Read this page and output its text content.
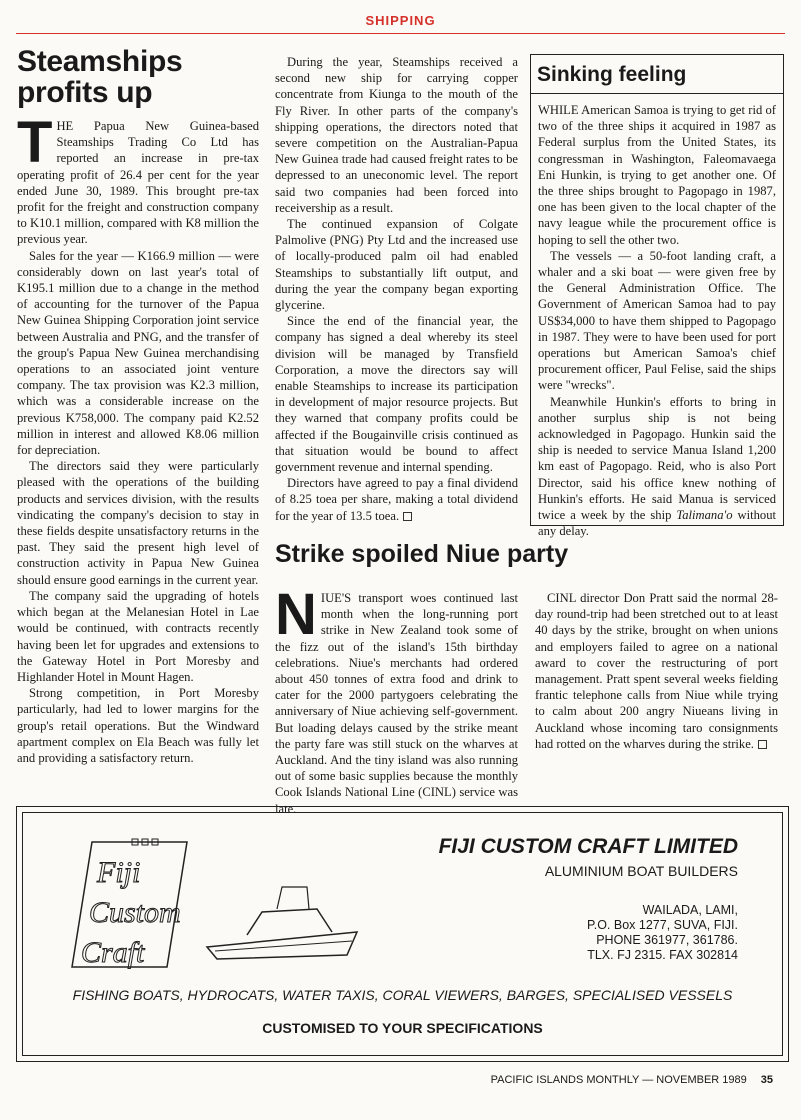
SHIPPING
Steamships profits up

THE Papua New Guinea-based Steamships Trading Co Ltd has reported an increase in pre-tax operating profit of 26.4 per cent for the year ended June 30, 1989. This brought pre-tax profit for the freight and construction company to K10.1 million, compared with K8 million the previous year.

Sales for the year — K166.9 million — were considerably down on last year's total of K195.1 million due to a change in the method of accounting for the turnover of the Papua New Guinea Shipping Corporation joint service between Australia and PNG, and the transfer of the group's Papua New Guinea merchandising operations to an associated joint venture company. The tax provision was K2.3 million, which was a considerable increase on the previous K758,000. The company paid K2.52 million in interest and allowed K8.06 million for depreciation.

The directors said they were particularly pleased with the operations of the building products and services division, with the results vindicating the company's decision to stay in these fields despite unsatisfactory returns in the past. They said the present high level of construction activity in Papua New Guinea should ensure good earnings in the current year.

The company said the upgrading of hotels which began at the Melanesian Hotel in Lae would be continued, with contracts recently having been let for upgrades and extensions to the Gateway Hotel in Port Moresby and Highlander Hotel in Mount Hagen.

Strong competition, in Port Moresby particularly, had led to lower margins for the group's retail operations. But the Windward apartment complex on Ela Beach was fully let and providing a satisfactory return.

During the year, Steamships received a second new ship for carrying copper concentrate from Kiunga to the mouth of the Fly River. In other parts of the company's shipping operations, the directors noted that severe competition on the Australian-Papua New Guinea trade had caused freight rates to be depressed to an uneconomic level. The report said two companies had been forced into receivership as a result.

The continued expansion of Colgate Palmolive (PNG) Pty Ltd and the increased use of locally-produced palm oil had enabled Steamships to substantially lift output, and during the year the company began exporting glycerine.

Since the end of the financial year, the company has signed a deal whereby its steel division will be managed by Transfield Corporation, a move the directors say will enable Steamships to increase its participation in development of major resource projects. But they warned that company profits could be affected if the Bougainville crisis continued as that situation would be bound to affect government revenue and internal spending.

Directors have agreed to pay a final dividend of 8.25 toea per share, making a total dividend for the year of 13.5 toea.

Sinking feeling

WHILE American Samoa is trying to get rid of two of the three ships it acquired in 1987 as Federal surplus from the United States, its congressman in Washington, Faleomavaega Eni Hunkin, is trying to get another one. Of the three ships brought to Pagopago in 1987, one has been given to the local chapter of the navy league while the procurement office is hoping to sell the other two.

The vessels — a 50-foot landing craft, a whaler and a ski boat — were given free by the General Administration Office. The Government of American Samoa had to pay US$34,000 to have them shipped to Pagopago in 1987. They were to have been used for port operations but American Samoa's chief procurement officer, Paul Felise, said the ships were "wrecks".

Meanwhile Hunkin's efforts to bring in another surplus ship is not being acknowledged in Pagopago. Hunkin said the ship is needed to service Manua Island 1,200 km east of Pagopago. Reid, who is also Port Director, said his office knew nothing of Hunkin's efforts. He said Manua is serviced twice a week by the ship Talimana'o without any delay.

Strike spoiled Niue party

NIUE'S transport woes continued last month when the long-running port strike in New Zealand took some of the fizz out of the island's 15th birthday celebrations. Niue's merchants had ordered about 450 tonnes of extra food and drink to cater for the 2000 partygoers celebrating the anniversary of Niue achieving self-government. But loading delays caused by the strike meant the party fare was still stuck on the wharves at Auckland. And the tiny island was also running out of some basic supplies because the monthly Cook Islands National Line (CINL) service was late.

CINL director Don Pratt said the normal 28-day round-trip had been stretched out to at least 40 days by the strike, brought on when unions and employers failed to agree on a national award to cover the restructuring of port management. Pratt spent several weeks fielding frantic telephone calls from Niue while trying to calm about 200 angry Niueans living in Auckland whose incoming taro consignments had rotted on the wharves during the strike.

Fiji
Custom
Craft
FIJI CUSTOM CRAFT LIMITED
ALUMINIUM BOAT BUILDERS
WAILADA, LAMI,
P.O. Box 1277, SUVA, FIJI.
PHONE 361977, 361786.
TLX. FJ 2315. FAX 302814
FISHING BOATS, HYDROCATS, WATER TAXIS, CORAL VIEWERS, BARGES, SPECIALISED VESSELS
CUSTOMISED TO YOUR SPECIFICATIONS
PACIFIC ISLANDS MONTHLY — NOVEMBER 1989 35
